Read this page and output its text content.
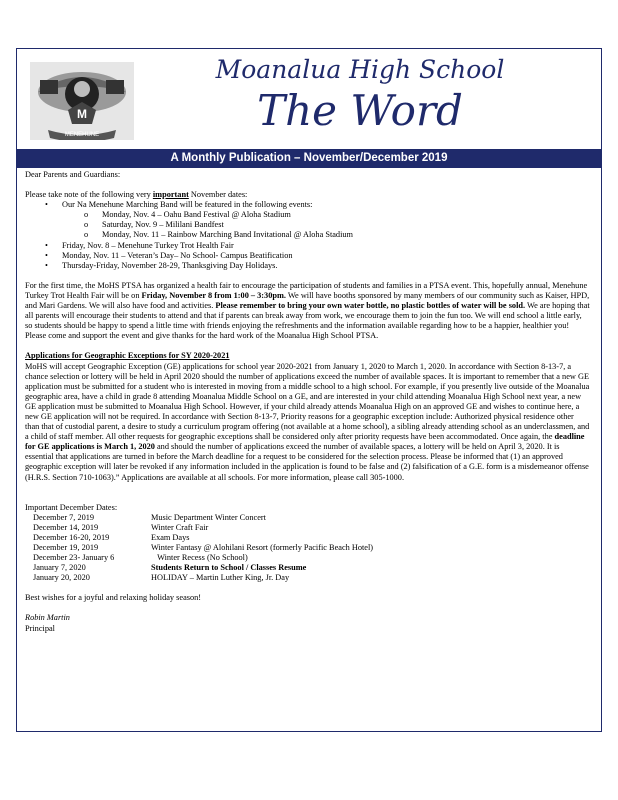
M
MENEHUNE
Moanalua High School
The Word
A Monthly Publication – November/December 2019

Dear Parents and Guardians:

Please take note of the following very important November dates:

• Our Na Menehune Marching Band will be featured in the following events:
o Monday, Nov. 4 – Oahu Band Festival @ Aloha Stadium
o Saturday, Nov. 9 – Mililani Bandfest
o Monday, Nov. 11 – Rainbow Marching Band Invitational @ Aloha Stadium
• Friday, Nov. 8 – Menehune Turkey Trot Health Fair
• Monday, Nov. 11 – Veteran’s Day– No School- Campus Beatification
• Thursday-Friday, November 28-29, Thanksgiving Day Holidays.

For the first time, the MoHS PTSA has organized a health fair to encourage the participation of students and families in a PTSA event. This, hopefully annual, Menehune Turkey Trot Health Fair will be on Friday, November 8 from 1:00 – 3:30pm. We will have booths sponsored by many members of our community such as Kaiser, HPD, and Mari Gardens. We will also have food and activities. Please remember to bring your own water bottle, no plastic bottles of water will be sold. We are hoping that all parents will encourage their students to attend and that if parents can break away from work, we encourage them to join the fun too. We will end school a little early, so students should be happy to spend a little time with friends enjoying the refreshments and the information available regarding how to be a happier, healthier you! Please come and support the event and give thanks for the hard work of the Moanalua High School PTSA.

Applications for Geographic Exceptions for SY 2020-2021

MoHS will accept Geographic Exception (GE) applications for school year 2020-2021 from January 1, 2020 to March 1, 2020. In accordance with Section 8-13-7, a chance selection or lottery will be held in April 2020 should the number of applications exceed the number of available spaces. It is important to remember that a new GE application must be submitted for a student who is interested in moving from a middle school to a high school. For example, if you presently live outside of the Moanalua geographic area, have a child in grade 8 attending Moanalua Middle School on a GE, and are interested in your child attending Moanalua High School next year, a new GE application must be submitted to Moanalua High School. However, if your child already attends Moanalua High on an approved GE and wishes to continue here, a new GE application will not be required. In accordance with Section 8-13-7, Priority reasons for a geographic exception include: Authorized physical residence other than that of custodial parent, a desire to study a curriculum program offering (not available at a home school), a sibling already attending school as an underclassmen, and a child of staff member. All other requests for geographic exceptions shall be considered only after priority requests have been accommodated. Once again, the deadline for GE applications is March 1, 2020 and should the number of applications exceed the number of available spaces, a lottery will be held on April 3, 2020. It is essential that applications are turned in before the March deadline for a request to be considered for the selection process. Please be informed that (1) an approved geographic exception will later be revoked if any information included in the application is found to be false and (2) falsification of a G.E. form is a misdemeanor offense (H.R.S. Section 710-1063).” Applications are available at all schools. For more information, please call 305-1000.

Important December Dates:

December 7, 2019	Music Department Winter Concert
December 14, 2019	Winter Craft Fair
December 16-20, 2019	Exam Days
December 19, 2019	Winter Fantasy @ Alohilani Resort (formerly Pacific Beach Hotel)
December 23- January 6	Winter Recess (No School)
January 7, 2020	Students Return to School / Classes Resume
January 20, 2020	HOLIDAY – Martin Luther King, Jr. Day

Best wishes for a joyful and relaxing holiday season!

Robin Martin

Principal
